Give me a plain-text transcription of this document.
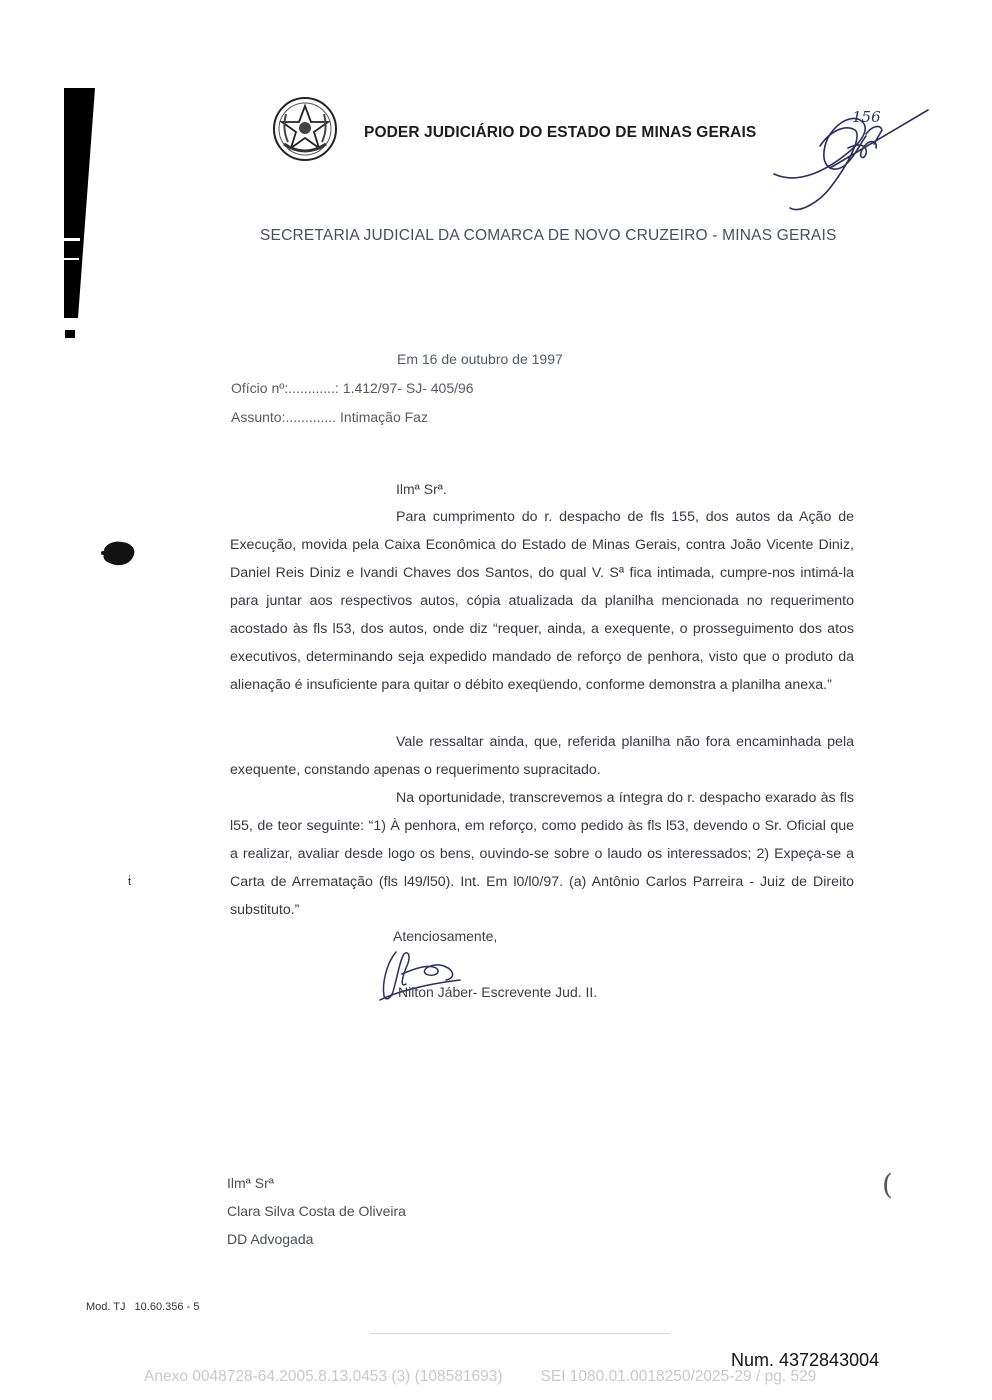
PODER JUDICIÁRIO DO ESTADO DE MINAS GERAIS
156
SECRETARIA JUDICIAL DA COMARCA DE NOVO CRUZEIRO - MINAS GERAIS
Em 16 de outubro de 1997
Ofício nº:............: 1.412/97- SJ- 405/96
Assunto:............. Intimação Faz
Ilmª Srª.

Para cumprimento do r. despacho de fls 155, dos autos da Ação de Execução, movida pela Caixa Econômica do Estado de Minas Gerais, contra João Vicente Diniz, Daniel Reis Diniz e Ivandi Chaves dos Santos, do qual V. Sª fica intimada, cumpre-nos intimá-la para juntar aos respectivos autos, cópia atualizada da planilha mencionada no requerimento acostado às fls l53, dos autos, onde diz “requer, ainda, a exequente, o prosseguimento dos atos executivos, determinando seja expedido mandado de reforço de penhora, visto que o produto da alienação é insuficiente para quitar o débito exeqüendo, conforme demonstra a planilha anexa.”

Vale ressaltar ainda, que, referida planilha não fora encaminhada pela exequente, constando apenas o requerimento supracitado.

Na oportunidade, transcrevemos a íntegra do r. despacho exarado às fls l55, de teor seguinte: “1) À penhora, em reforço, como pedido às fls l53, devendo o Sr. Oficial que a realizar, avaliar desde logo os bens, ouvindo-se sobre o laudo os interessados; 2) Expeça-se a Carta de Arrematação (fls l49/l50). Int. Em l0/l0/97. (a) Antônio Carlos Parreira - Juiz de Direito substituto.”

ṫ
Atenciosamente,
Nilton Jáber- Escrevente Jud. II.
Ilmª Srª
Clara Silva Costa de Oliveira
DD Advogada
(
Mod. TJ 10.60.356 - 5
Num. 4372843004
Anexo 0048728-64.2005.8.13.0453 (3) (108581693) SEI 1080.01.0018250/2025-29 / pg. 529
